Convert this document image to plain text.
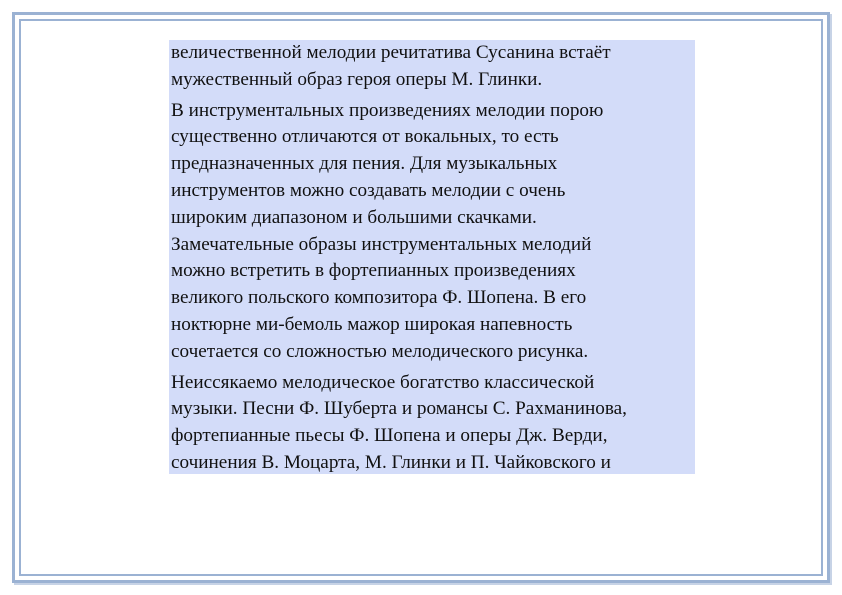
величественной мелодии речитатива Сусанина встаёт
мужественный образ героя оперы М. Глинки.

В инструментальных произведениях мелодии порою
существенно отличаются от вокальных, то есть
предназначенных для пения. Для музыкальных
инструментов можно создавать мелодии с очень
широким диапазоном и большими скачками.
Замечательные образы инструментальных мелодий
можно встретить в фортепианных произведениях
великого польского композитора Ф. Шопена. В его
ноктюрне ми-бемоль мажор широкая напевность
сочетается со сложностью мелодического рисунка.

Неиссякаемо мелодическое богатство классической
музыки. Песни Ф. Шуберта и романсы С. Рахманинова,
фортепианные пьесы Ф. Шопена и оперы Дж. Верди,
сочинения В. Моцарта, М. Глинки и П. Чайковского и
